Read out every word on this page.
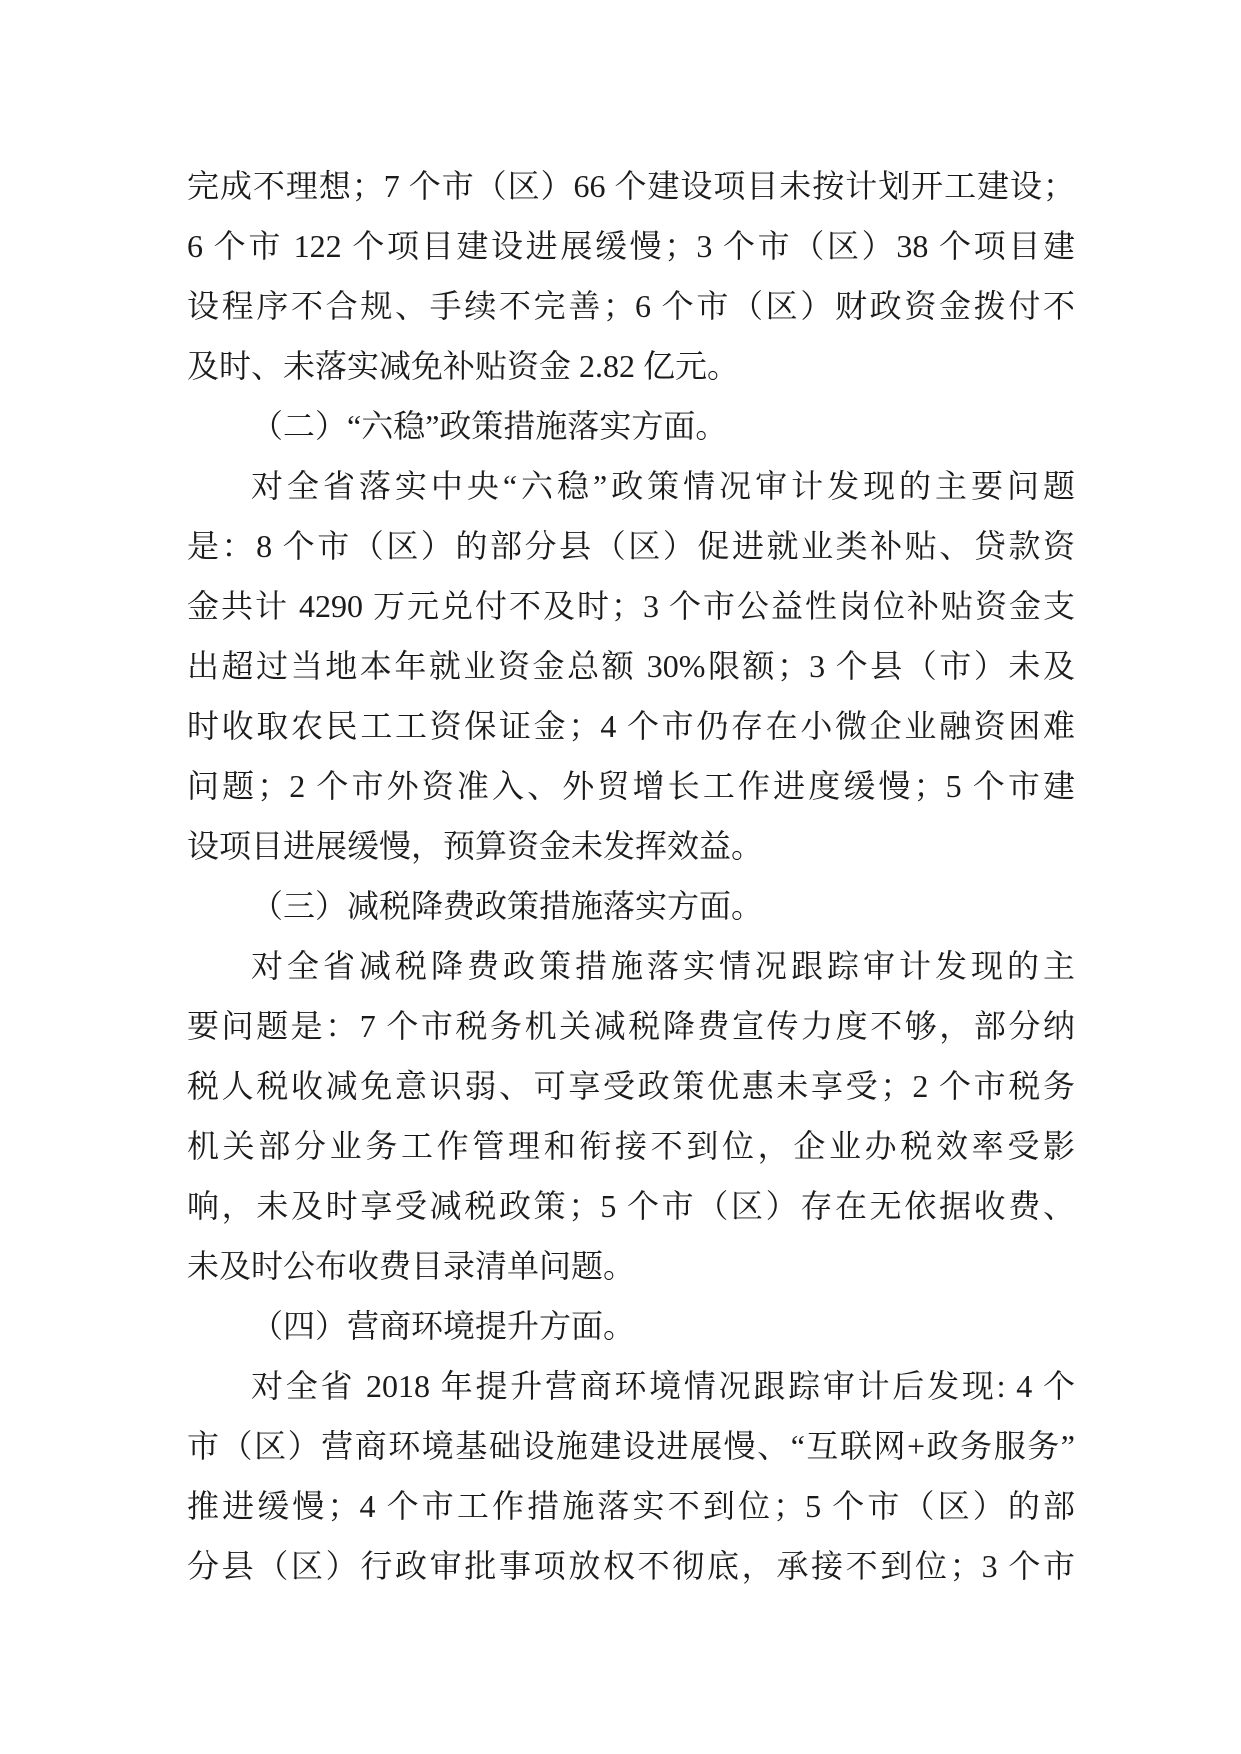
完成不理想；7 个市（区）66 个建设项目未按计划开工建设；
6 个市 122 个项目建设进展缓慢；3 个市（区）38 个项目建
设程序不合规、手续不完善；6 个市（区）财政资金拨付不
及时、未落实减免补贴资金 2.82 亿元。
（二）“六稳”政策措施落实方面。
对全省落实中央“六稳”政策情况审计发现的主要问题
是：8 个市（区）的部分县（区）促进就业类补贴、贷款资
金共计 4290 万元兑付不及时；3 个市公益性岗位补贴资金支
出超过当地本年就业资金总额 30%限额；3 个县（市）未及
时收取农民工工资保证金；4 个市仍存在小微企业融资困难
问题；2 个市外资准入、外贸增长工作进度缓慢；5 个市建
设项目进展缓慢，预算资金未发挥效益。
（三）减税降费政策措施落实方面。
对全省减税降费政策措施落实情况跟踪审计发现的主
要问题是：7 个市税务机关减税降费宣传力度不够，部分纳
税人税收减免意识弱、可享受政策优惠未享受；2 个市税务
机关部分业务工作管理和衔接不到位，企业办税效率受影
响，未及时享受减税政策；5 个市（区）存在无依据收费、
未及时公布收费目录清单问题。
（四）营商环境提升方面。
对全省 2018 年提升营商环境情况跟踪审计后发现: 4 个
市（区）营商环境基础设施建设进展慢、“互联网+政务服务”
推进缓慢；4 个市工作措施落实不到位；5 个市（区）的部
分县（区）行政审批事项放权不彻底，承接不到位；3 个市
